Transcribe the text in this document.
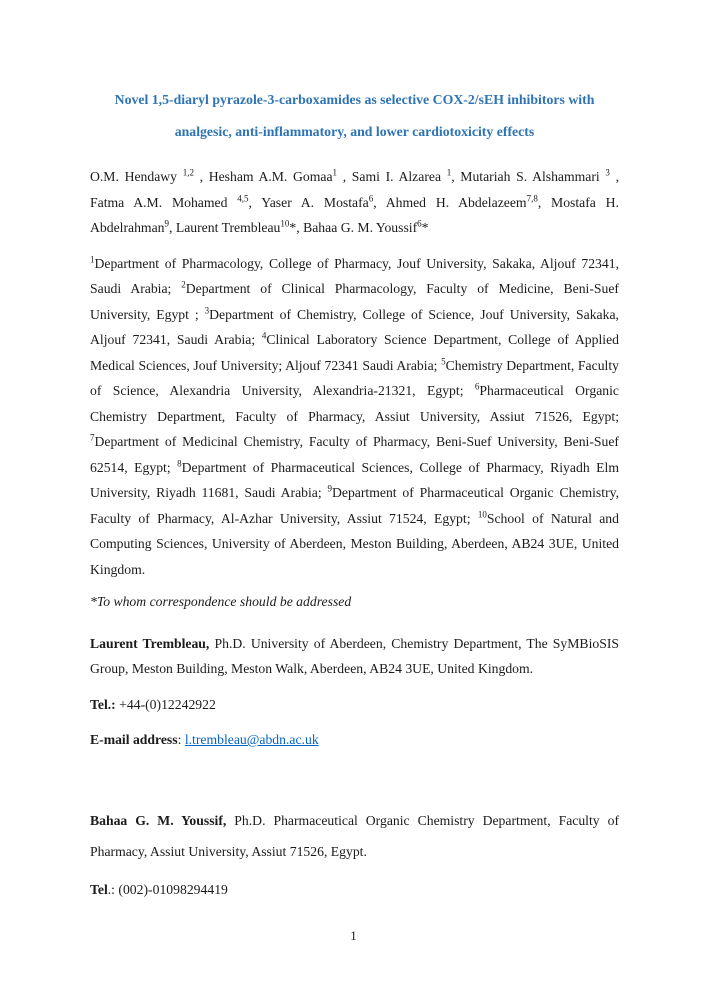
Novel 1,5-diaryl pyrazole-3-carboxamides as selective COX-2/sEH inhibitors with
analgesic, anti-inflammatory, and lower cardiotoxicity effects

O.M. Hendawy $^{1,2}$ , Hesham A.M. Gomaa$^1$ , Sami I. Alzarea $^1$, Mutariah S. Alshammari $^3$ , Fatma A.M. Mohamed $^{4,5}$, Yaser A. Mostafa$^6$, Ahmed H. Abdelazeem$^{7,8}$, Mostafa H. Abdelrahman$^9$, Laurent Trembleau$^{10}$*, Bahaa G. M. Youssif$^6$*

$^1$Department of Pharmacology, College of Pharmacy, Jouf University, Sakaka, Aljouf 72341, Saudi Arabia; $^2$Department of Clinical Pharmacology, Faculty of Medicine, Beni-Suef University, Egypt ; $^3$Department of Chemistry, College of Science, Jouf University, Sakaka, Aljouf 72341, Saudi Arabia; $^4$Clinical Laboratory Science Department, College of Applied Medical Sciences, Jouf University; Aljouf 72341 Saudi Arabia; $^5$Chemistry Department, Faculty of Science, Alexandria University, Alexandria-21321, Egypt; $^6$Pharmaceutical Organic Chemistry Department, Faculty of Pharmacy, Assiut University, Assiut 71526, Egypt; $^7$Department of Medicinal Chemistry, Faculty of Pharmacy, Beni-Suef University, Beni-Suef 62514, Egypt; $^8$Department of Pharmaceutical Sciences, College of Pharmacy, Riyadh Elm University, Riyadh 11681, Saudi Arabia; $^9$Department of Pharmaceutical Organic Chemistry, Faculty of Pharmacy, Al-Azhar University, Assiut 71524, Egypt; $^{10}$School of Natural and Computing Sciences, University of Aberdeen, Meston Building, Aberdeen, AB24 3UE, United Kingdom.

*To whom correspondence should be addressed

Laurent Trembleau, Ph.D. University of Aberdeen, Chemistry Department, The SyMBioSIS Group, Meston Building, Meston Walk, Aberdeen, AB24 3UE, United Kingdom.

Tel.: +44-(0)12242922

E-mail address: l.trembleau@abdn.ac.uk

Bahaa G. M. Youssif, Ph.D. Pharmaceutical Organic Chemistry Department, Faculty of Pharmacy, Assiut University, Assiut 71526, Egypt.

Tel.: (002)-01098294419

1
